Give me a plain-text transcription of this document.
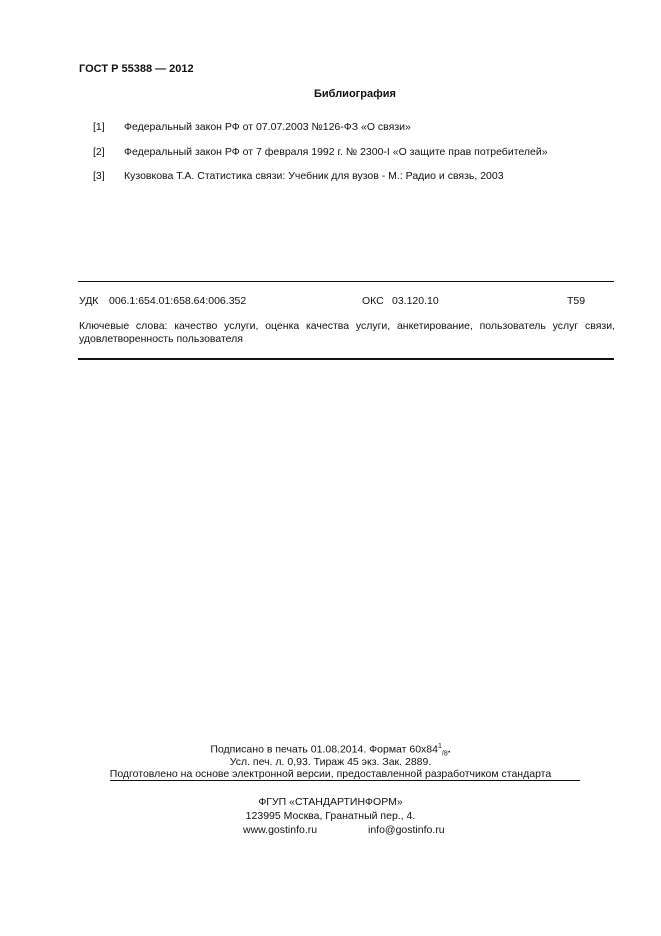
ГОСТ Р 55388 — 2012
Библиография
[1] Федеральный закон РФ от 07.07.2003 №126-ФЗ «О связи»
[2] Федеральный закон РФ от 7 февраля 1992 г. № 2300-I «О защите прав потребителей»
[3] Кузовкова Т.А. Статистика связи: Учебник для вузов - М.: Радио и связь, 2003
УДК 006.1:654.01:658.64:006.352	ОКС 03.120.10	Т59
Ключевые слова: качество услуги, оценка качества услуги, анкетирование, пользователь услуг связи, удовлетворенность пользователя
Подписано в печать 01.08.2014. Формат $60x84^1_{/8}$.
Усл. печ. л. 0,93. Тираж 45 экз. Зак. 2889.
Подготовлено на основе электронной версии, предоставленной разработчиком стандарта
ФГУП «СТАНДАРТИНФОРМ»
123995 Москва, Гранатный пер., 4.
www.gostinfo.ru	info@gostinfo.ru
